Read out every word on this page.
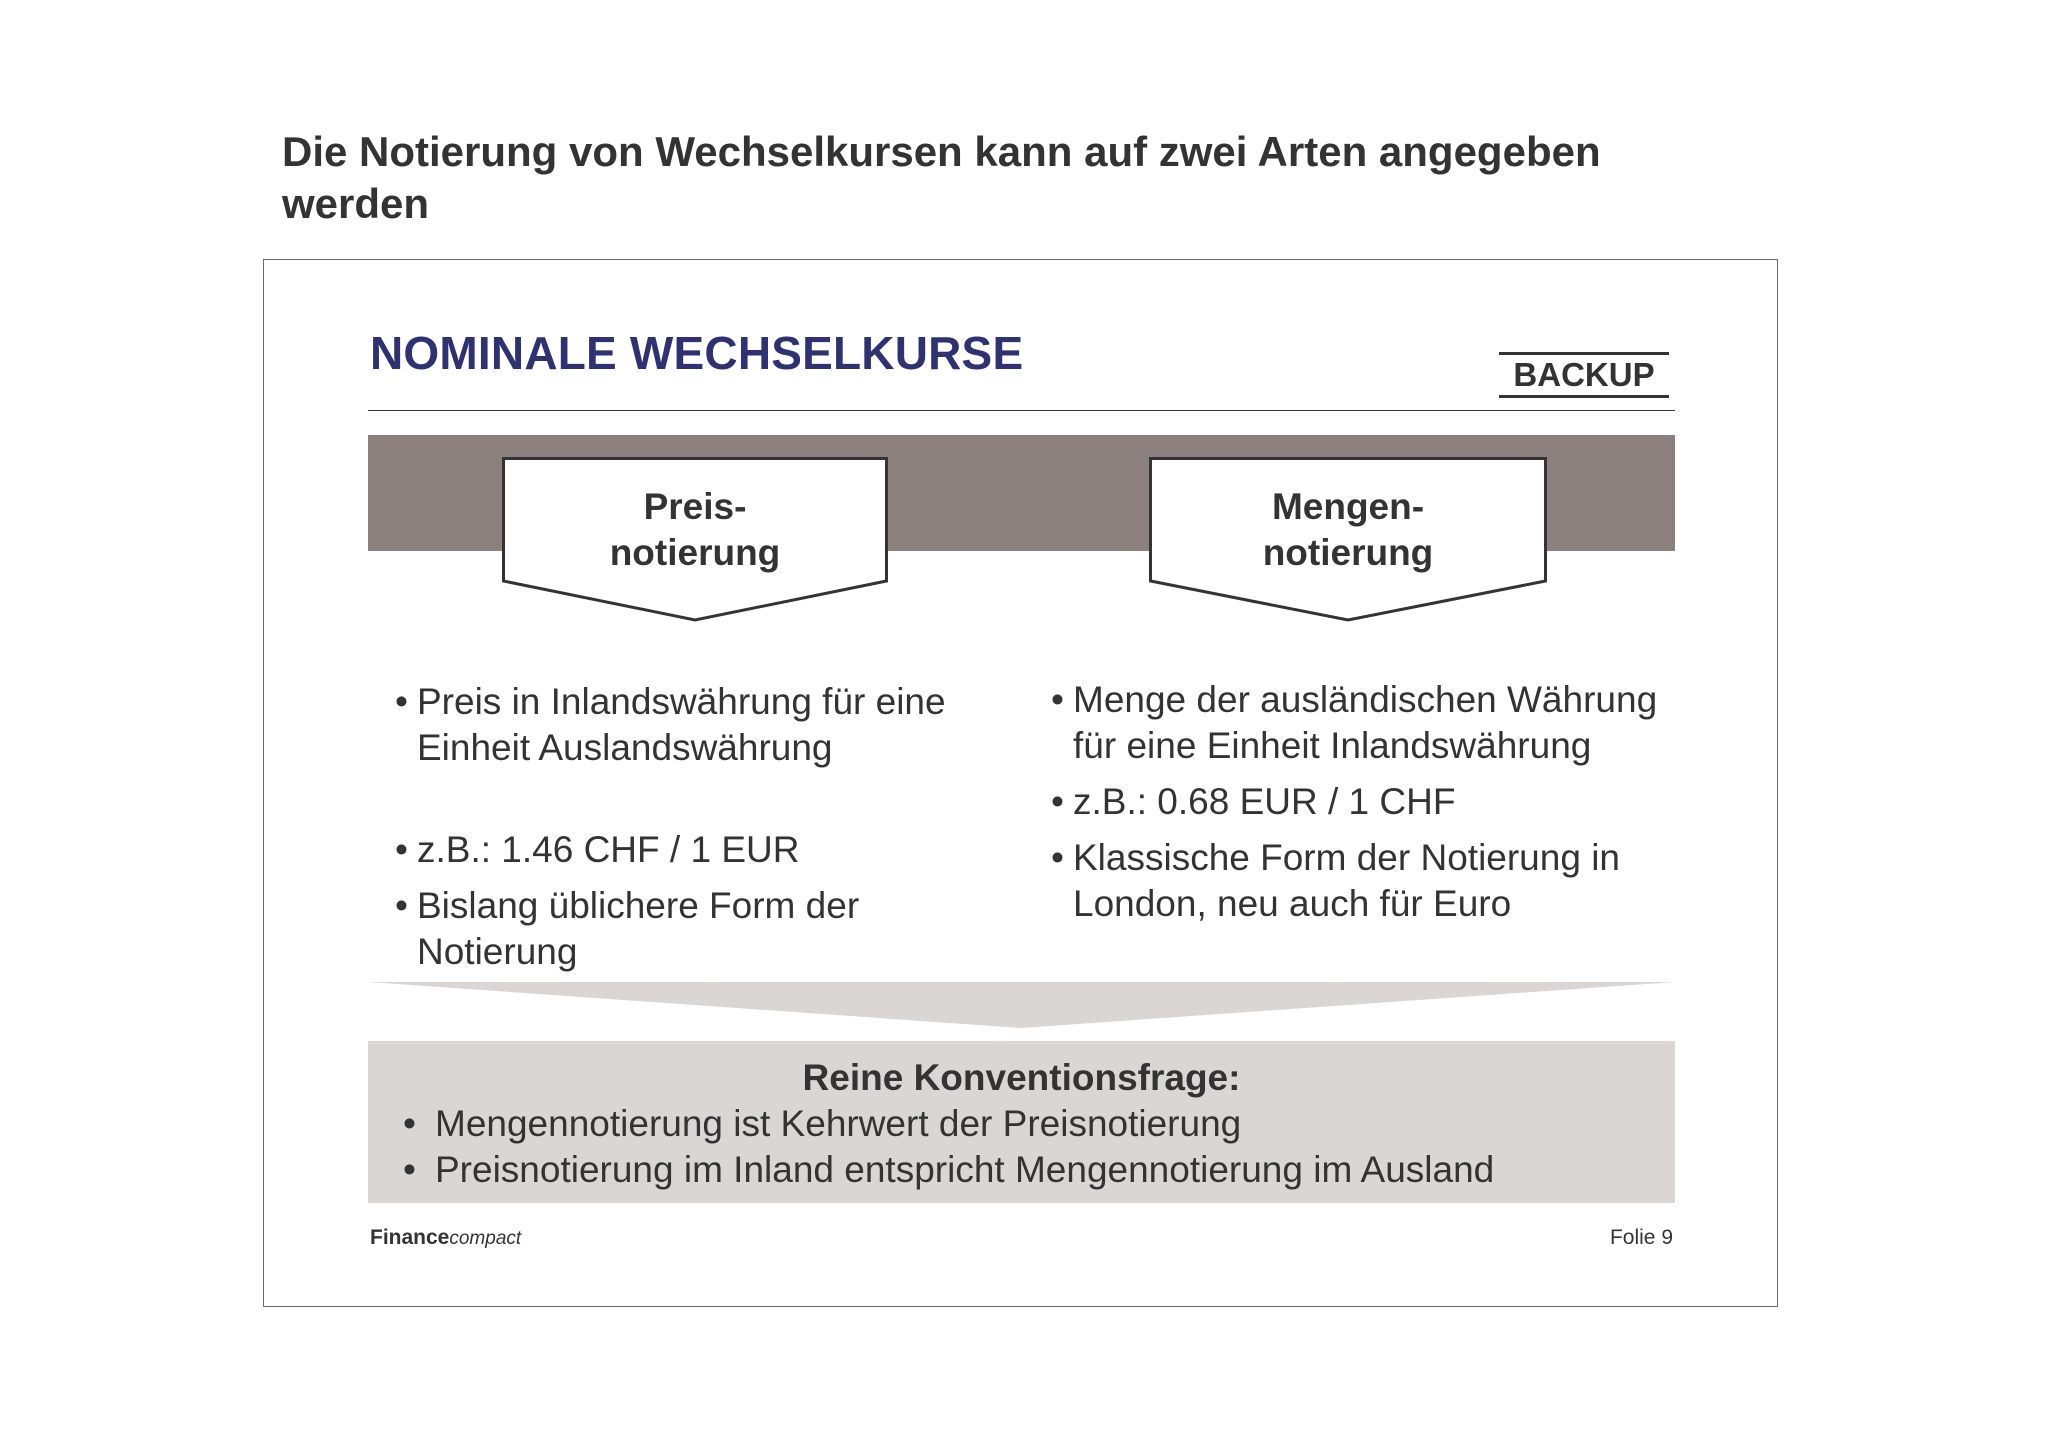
Die Notierung von Wechselkursen kann auf zwei Arten angegeben werden
NOMINALE WECHSELKURSE	BACKUP
Preis-
notierung
Mengen-
notierung
• Preis in Inlandswährung für eine Einheit Auslandswährung
• z.B.: 1.46 CHF / 1 EUR
• Bislang üblichere Form der Notierung
• Menge der ausländischen Währung für eine Einheit Inlandswährung
• z.B.: 0.68 EUR / 1 CHF
• Klassische Form der Notierung in London, neu auch für Euro
Reine Konventionsfrage:
• Mengennotierung ist Kehrwert der Preisnotierung
• Preisnotierung im Inland entspricht Mengennotierung im Ausland
Financecompact	Folie 9
